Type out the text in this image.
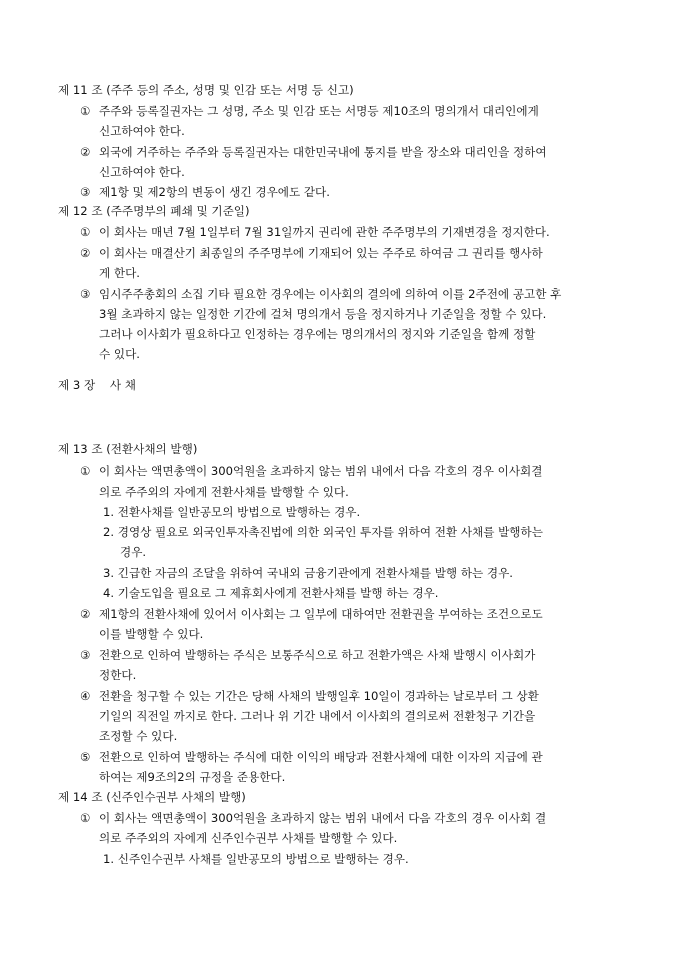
제 11 조 (주주 등의 주소, 성명 및 인감 또는 서명 등 신고)
① 주주와 등록질권자는 그 성명, 주소 및 인감 또는 서명등 제10조의 명의개서 대리인에게
신고하여야 한다.
② 외국에 거주하는 주주와 등록질권자는 대한민국내에 통지를 받을 장소와 대리인을 정하여
신고하여야 한다.
③ 제1항 및 제2항의 변동이 생긴 경우에도 같다.
제 12 조 (주주명부의 폐쇄 및 기준일)
① 이 회사는 매년 7월 1일부터 7월 31일까지 권리에 관한 주주명부의 기재변경을 정지한다.
② 이 회사는 매결산기 최종일의 주주명부에 기재되어 있는 주주로 하여금 그 권리를 행사하
게 한다.
③ 임시주주총회의 소집 기타 필요한 경우에는 이사회의 결의에 의하여 이를 2주전에 공고한 후
3월 초과하지 않는 일정한 기간에 걸쳐 명의개서 등을 정지하거나 기준일을 정할 수 있다.
그러나 이사회가 필요하다고 인정하는 경우에는 명의개서의 정지와 기준일을 함께 정할
수 있다.
제 3 장    사 채
제 13 조 (전환사채의 발행)
① 이 회사는 액면총액이 300억원을 초과하지 않는 범위 내에서 다음 각호의 경우 이사회결
의로 주주외의 자에게 전환사채를 발행할 수 있다.
1. 전환사채를 일반공모의 방법으로 발행하는 경우.
2. 경영상 필요로 외국인투자촉진법에 의한 외국인 투자를 위하여 전환 사채를 발행하는
경우.
3. 긴급한 자금의 조달을 위하여 국내외 금융기관에게 전환사채를 발행 하는 경우.
4. 기술도입을 필요로 그 제휴회사에게 전환사채를 발행 하는 경우.
② 제1항의 전환사채에 있어서 이사회는 그 일부에 대하여만 전환권을 부여하는 조건으로도
이를 발행할 수 있다.
③ 전환으로 인하여 발행하는 주식은 보통주식으로 하고 전환가액은 사채 발행시 이사회가
정한다.
④ 전환을 청구할 수 있는 기간은 당해 사채의 발행일후 10일이 경과하는 날로부터 그 상환
기일의 직전일 까지로 한다. 그러나 위 기간 내에서 이사회의 결의로써 전환청구 기간을
조정할 수 있다.
⑤ 전환으로 인하여 발행하는 주식에 대한 이익의 배당과 전환사채에 대한 이자의 지급에 관
하여는 제9조의2의 규정을 준용한다.
제 14 조 (신주인수권부 사채의 발행)
① 이 회사는 액면총액이 300억원을 초과하지 않는 범위 내에서 다음 각호의 경우 이사회 결
의로 주주외의 자에게 신주인수권부 사채를 발행할 수 있다.
1. 신주인수권부 사채를 일반공모의 방법으로 발행하는 경우.
